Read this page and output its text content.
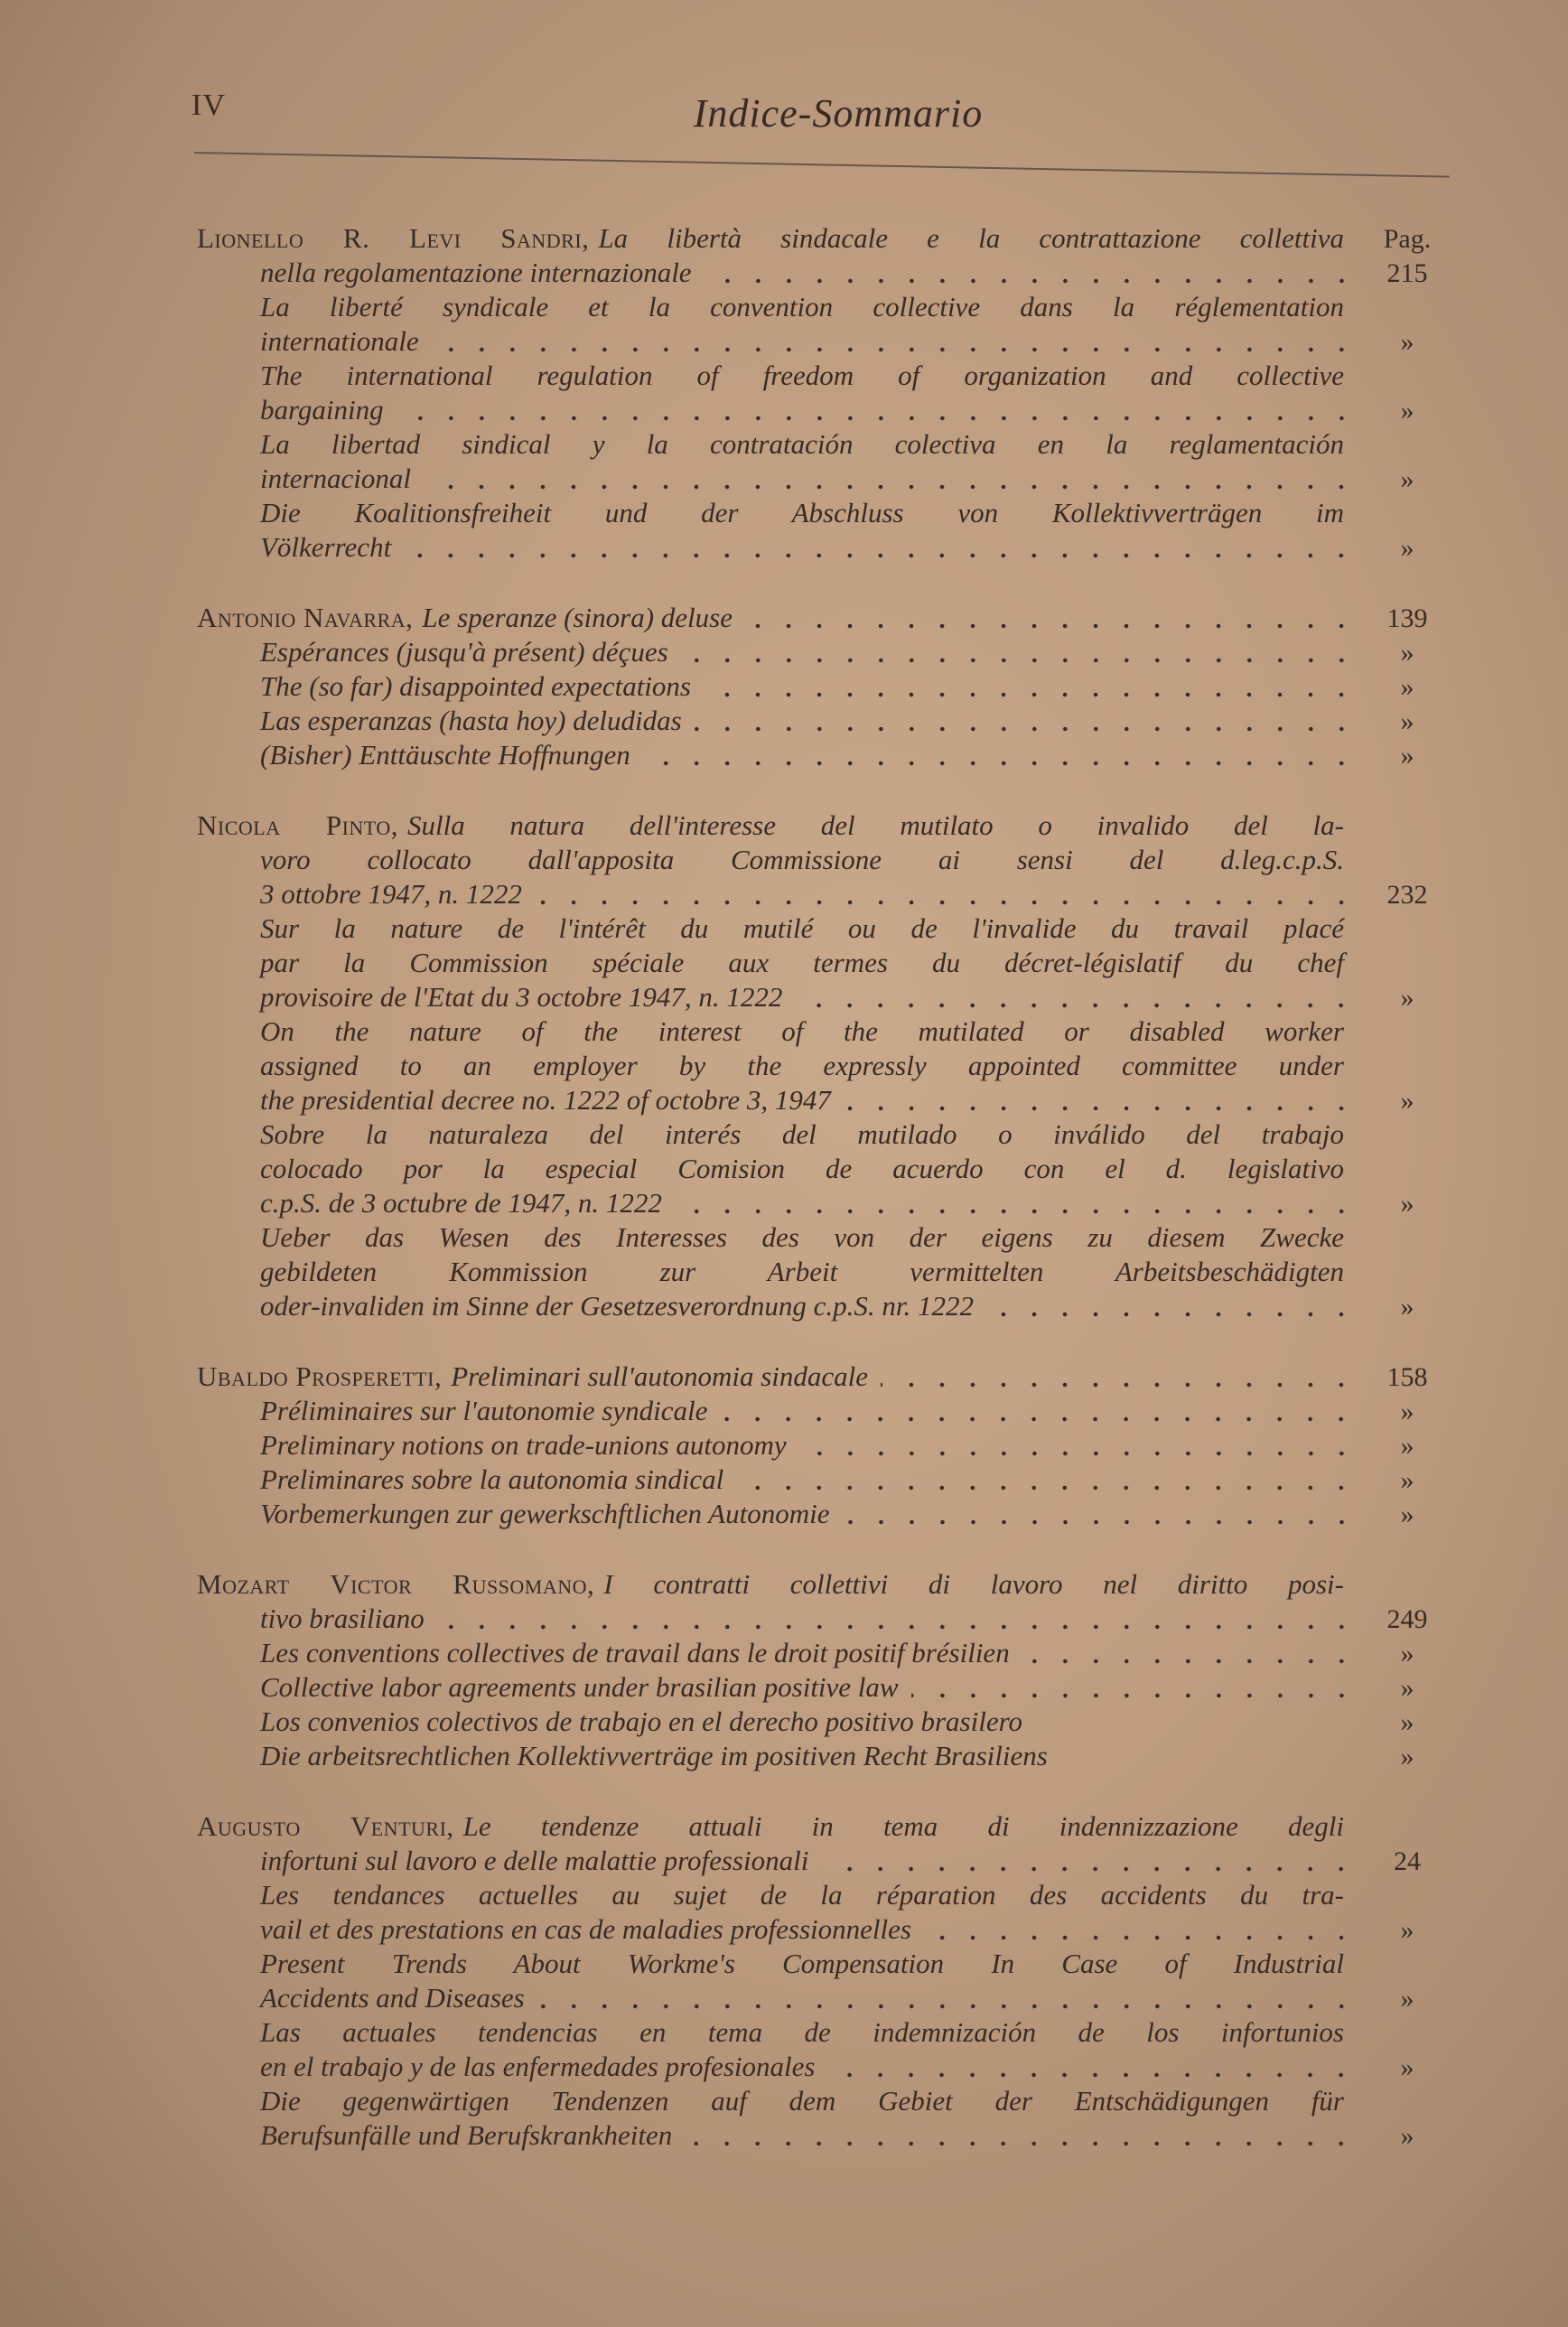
IV	Indice-Sommario
Lionello R. Levi Sandri, La libertà sindacale e la contrattazione collettiva	Pag.
nella regolamentazione internazionale	215
La liberté syndicale et la convention collective dans la réglementation
internationale	»
The international regulation of freedom of organization and collective
bargaining	»
La libertad sindical y la contratación colectiva en la reglamentación
internacional	»
Die Koalitionsfreiheit und der Abschluss von Kollektivverträgen im
Völkerrecht	»
Antonio Navarra, Le speranze (sinora) deluse	139
Espérances (jusqu'à présent) déçues	»
The (so far) disappointed expectations	»
Las esperanzas (hasta hoy) deludidas	»
(Bisher) Enttäuschte Hoffnungen	»
Nicola Pinto, Sulla natura dell'interesse del mutilato o invalido del la-
voro collocato dall'apposita Commissione ai sensi del d.leg.c.p.S.
3 ottobre 1947, n. 1222	232
Sur la nature de l'intérêt du mutilé ou de l'invalide du travail placé
par la Commission spéciale aux termes du décret-législatif du chef
provisoire de l'Etat du 3 octobre 1947, n. 1222	»
On the nature of the interest of the mutilated or disabled worker
assigned to an employer by the expressly appointed committee under
the presidential decree no. 1222 of octobre 3, 1947	»
Sobre la naturaleza del interés del mutilado o inválido del trabajo
colocado por la especial Comision de acuerdo con el d. legislativo
c.p.S. de 3 octubre de 1947, n. 1222	»
Ueber das Wesen des Interesses des von der eigens zu diesem Zwecke
gebildeten Kommission zur Arbeit vermittelten Arbeitsbeschädigten
oder-invaliden im Sinne der Gesetzesverordnung c.p.S. nr. 1222	»
Ubaldo Prosperetti, Preliminari sull'autonomia sindacale	158
Préliminaires sur l'autonomie syndicale	»
Preliminary notions on trade-unions autonomy	»
Preliminares sobre la autonomia sindical	»
Vorbemerkungen zur gewerkschftlichen Autonomie	»
Mozart Victor Russomano, I contratti collettivi di lavoro nel diritto posi-
tivo brasiliano	249
Les conventions collectives de travail dans le droit positif brésilien	»
Collective labor agreements under brasilian positive law	»
Los convenios colectivos de trabajo en el derecho positivo brasilero	»
Die arbeitsrechtlichen Kollektivverträge im positiven Recht Brasiliens	»
Augusto Venturi, Le tendenze attuali in tema di indennizzazione degli
infortuni sul lavoro e delle malattie professionali	24
Les tendances actuelles au sujet de la réparation des accidents du tra-
vail et des prestations en cas de maladies professionnelles	»
Present Trends About Workme's Compensation In Case of Industrial
Accidents and Diseases	»
Las actuales tendencias en tema de indemnización de los infortunios
en el trabajo y de las enfermedades profesionales	»
Die gegenwärtigen Tendenzen auf dem Gebiet der Entschädigungen für
Berufsunfälle und Berufskrankheiten	»
